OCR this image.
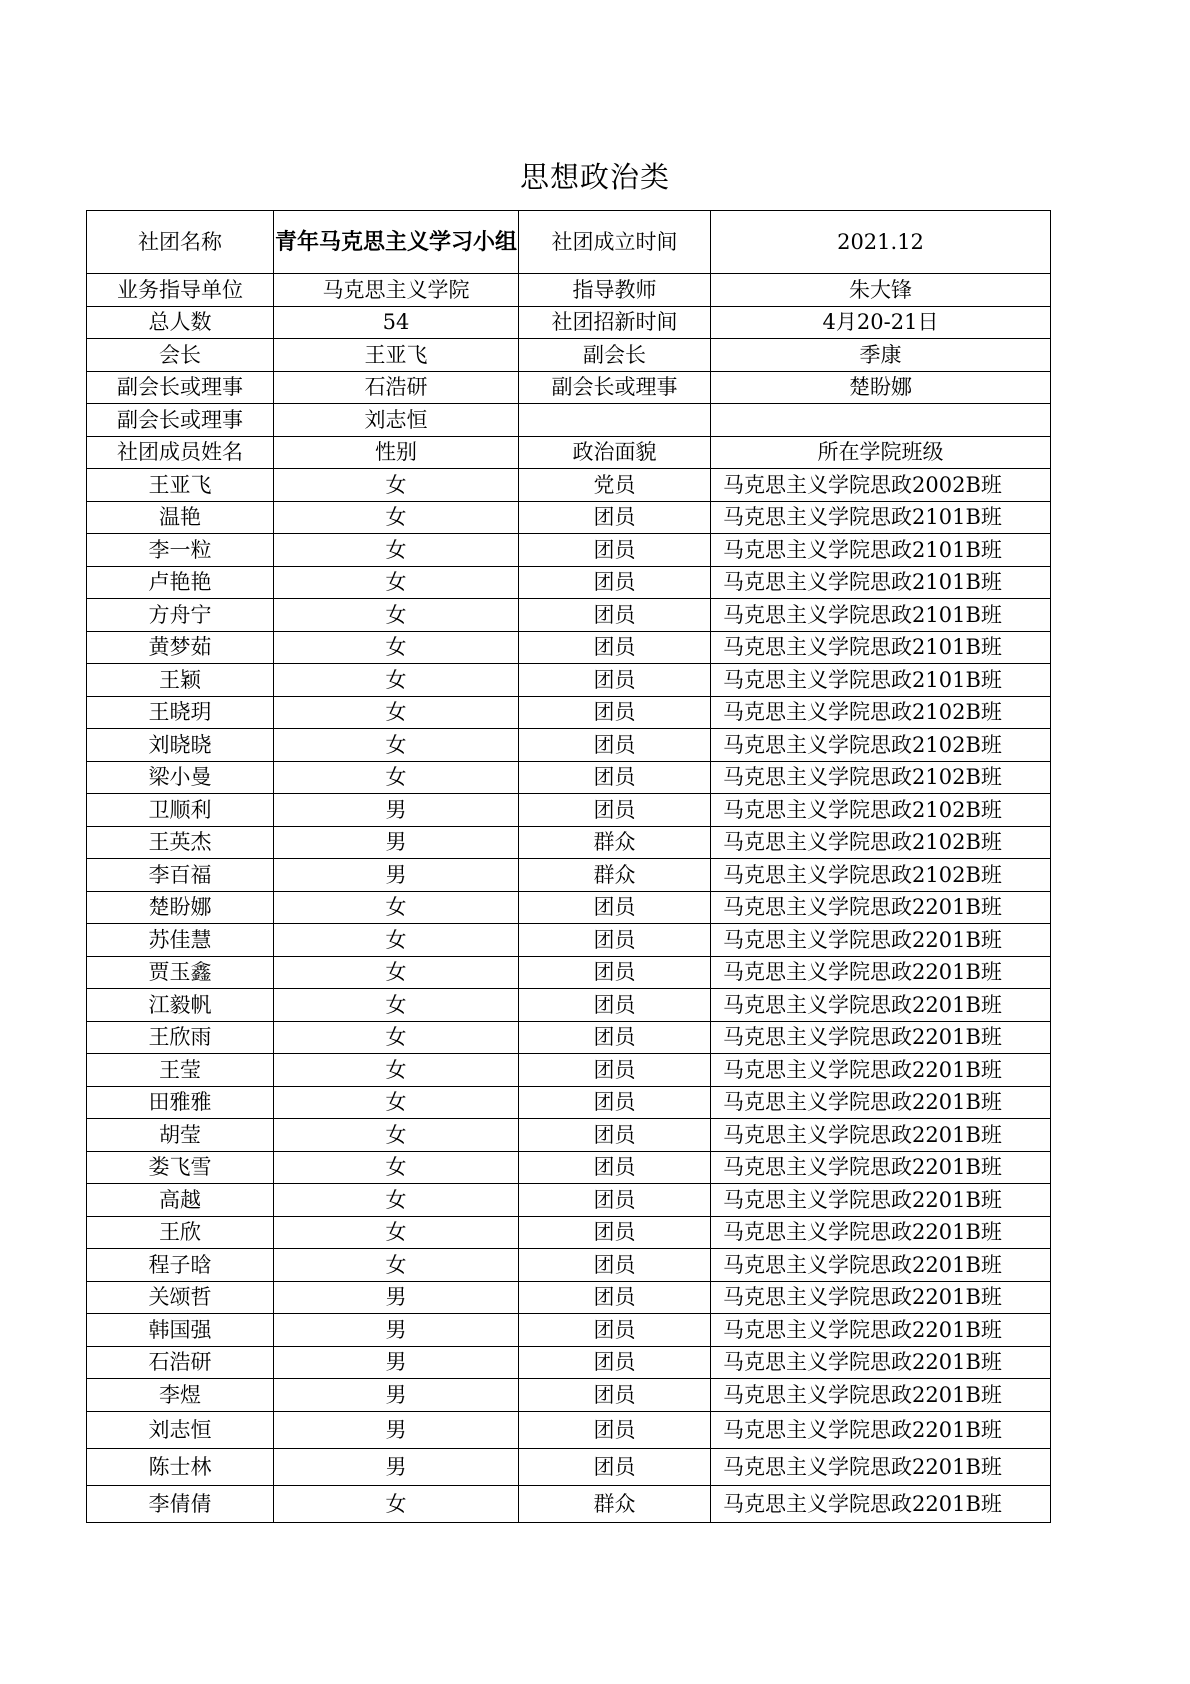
思想政治类
社团名称	青年马克思主义学习小组	社团成立时间	2021.12
业务指导单位	马克思主义学院	指导教师	朱大锋
总人数	54	社团招新时间	4月20-21日
会长	王亚飞	副会长	季康
副会长或理事	石浩研	副会长或理事	楚盼娜
副会长或理事	刘志恒		
社团成员姓名	性别	政治面貌	所在学院班级
王亚飞	女	党员	马克思主义学院思政2002B班
温艳	女	团员	马克思主义学院思政2101B班
李一粒	女	团员	马克思主义学院思政2101B班
卢艳艳	女	团员	马克思主义学院思政2101B班
方舟宁	女	团员	马克思主义学院思政2101B班
黄梦茹	女	团员	马克思主义学院思政2101B班
王颖	女	团员	马克思主义学院思政2101B班
王晓玥	女	团员	马克思主义学院思政2102B班
刘晓晓	女	团员	马克思主义学院思政2102B班
梁小曼	女	团员	马克思主义学院思政2102B班
卫顺利	男	团员	马克思主义学院思政2102B班
王英杰	男	群众	马克思主义学院思政2102B班
李百福	男	群众	马克思主义学院思政2102B班
楚盼娜	女	团员	马克思主义学院思政2201B班
苏佳慧	女	团员	马克思主义学院思政2201B班
贾玉鑫	女	团员	马克思主义学院思政2201B班
江毅帆	女	团员	马克思主义学院思政2201B班
王欣雨	女	团员	马克思主义学院思政2201B班
王莹	女	团员	马克思主义学院思政2201B班
田雅雅	女	团员	马克思主义学院思政2201B班
胡莹	女	团员	马克思主义学院思政2201B班
娄飞雪	女	团员	马克思主义学院思政2201B班
高越	女	团员	马克思主义学院思政2201B班
王欣	女	团员	马克思主义学院思政2201B班
程子晗	女	团员	马克思主义学院思政2201B班
关颂哲	男	团员	马克思主义学院思政2201B班
韩国强	男	团员	马克思主义学院思政2201B班
石浩研	男	团员	马克思主义学院思政2201B班
李煜	男	团员	马克思主义学院思政2201B班
刘志恒	男	团员	马克思主义学院思政2201B班
陈士林	男	团员	马克思主义学院思政2201B班
李倩倩	女	群众	马克思主义学院思政2201B班
